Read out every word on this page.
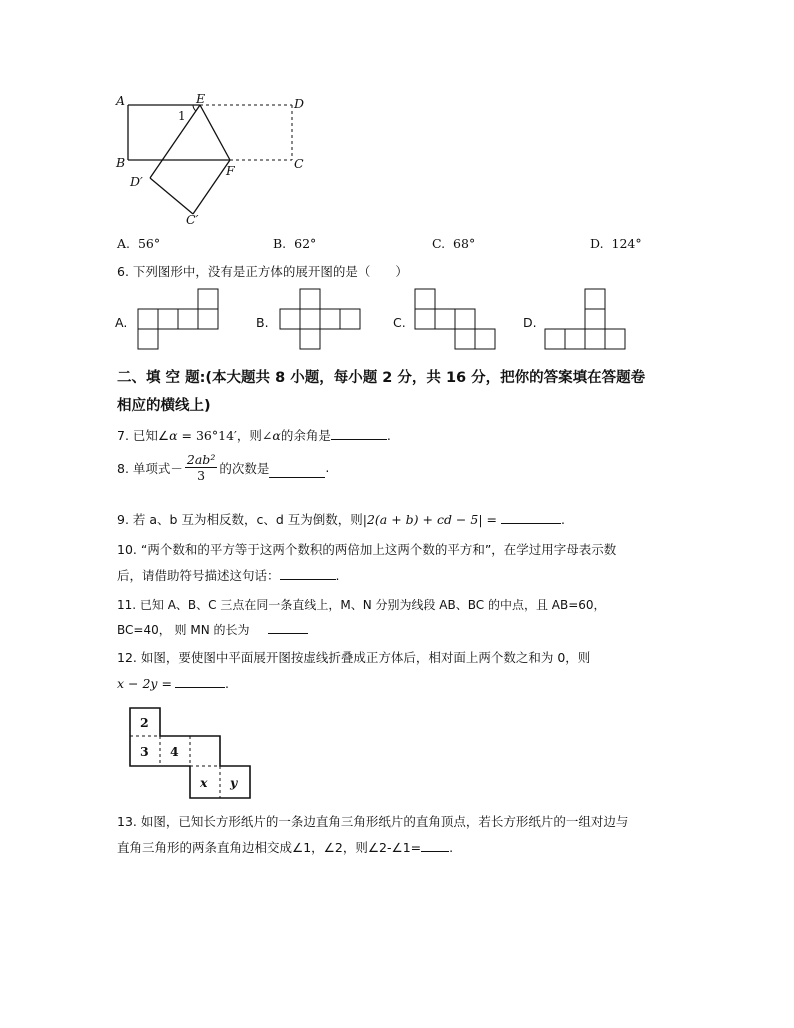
A	E	D
B
F	C
D′
C′
1
A. 56°	B. 62°	C. 68°	D. 124°
6. 下列图形中，没有是正方体的展开图的是（　　）
A.	B.	C.	D.
二、填 空 题:(本大题共 8 小题，每小题 2 分，共 16 分，把你的答案填在答题卷
相应的横线上)
7. 已知∠α = 36°14′，则∠α的余角是	.
8. 单项式－ $\frac{\text{2ab²}}{3}$ 的次数是	.
9. 若 a、b 互为相反数，c、d 互为倒数，则|2(a + b) + cd − 5| =	.
10. “两个数和的平方等于这两个数积的两倍加上这两个数的平方和”，在学过用字母表示数
后，请借助符号描述这句话：	.
11. 已知 A、B、C 三点在同一条直线上，M、N 分别为线段 AB、BC 的中点，且 AB=60，
BC=40， 则 MN 的长为
12. 如图，要使图中平面展开图按虚线折叠成正方体后，相对面上两个数之和为 0，则
x − 2y =	.
2
3 4
x y
13. 如图，已知长方形纸片的一条边直角三角形纸片的直角顶点，若长方形纸片的一组对边与
直角三角形的两条直角边相交成∠1，∠2，则∠2-∠1= .
